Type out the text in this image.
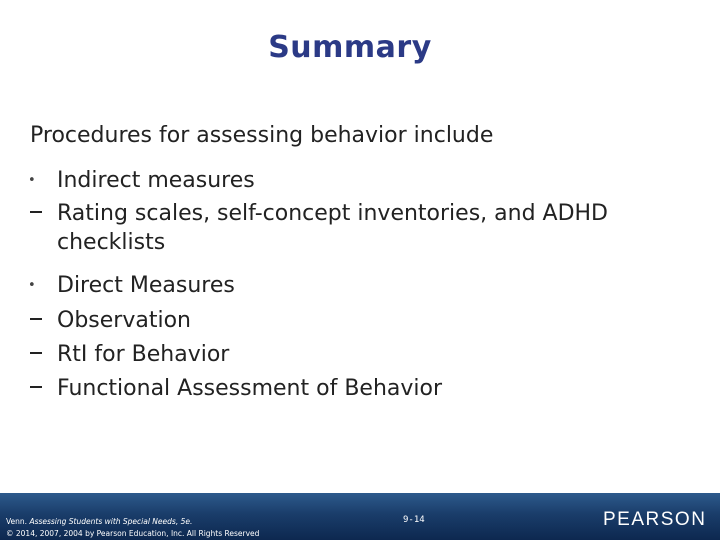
Summary
Procedures for assessing behavior include
• Indirect measures
Rating scales, self-concept inventories, and ADHD
checklists
• Direct Measures
Observation
RtI for Behavior
Functional Assessment of Behavior
Venn. Assessing Students with Special Needs, 5e.
© 2014, 2007, 2004 by Pearson Education, Inc. All Rights Reserved
9-14	PEARSON
